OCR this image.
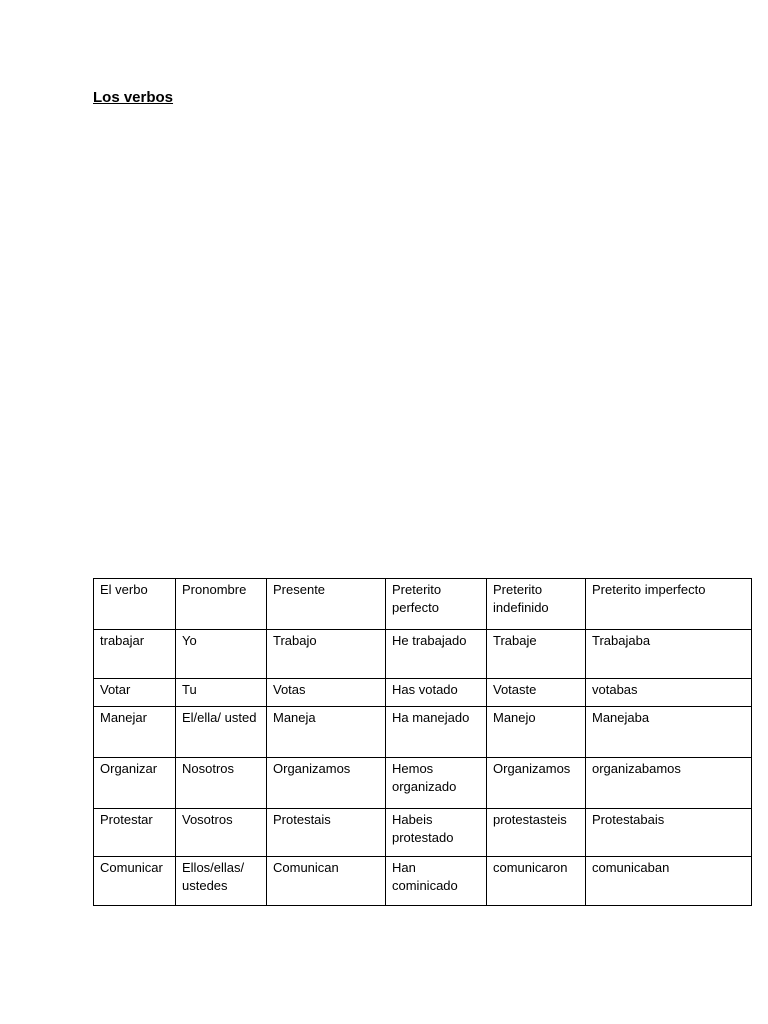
Los verbos
El verbo	Pronombre	Presente	Preterito perfecto	Preterito indefinido	Preterito imperfecto
trabajar	Yo	Trabajo	He trabajado	Trabaje	Trabajaba
Votar	Tu	Votas	Has votado	Votaste	votabas
Manejar	El/ella/ usted	Maneja	Ha manejado	Manejo	Manejaba
Organizar	Nosotros	Organizamos	Hemos organizado	Organizamos	organizabamos
Protestar	Vosotros	Protestais	Habeis protestado	protestasteis	Protestabais
Comunicar	Ellos/ellas/ ustedes	Comunican	Han cominicado	comunicaron	comunicaban
